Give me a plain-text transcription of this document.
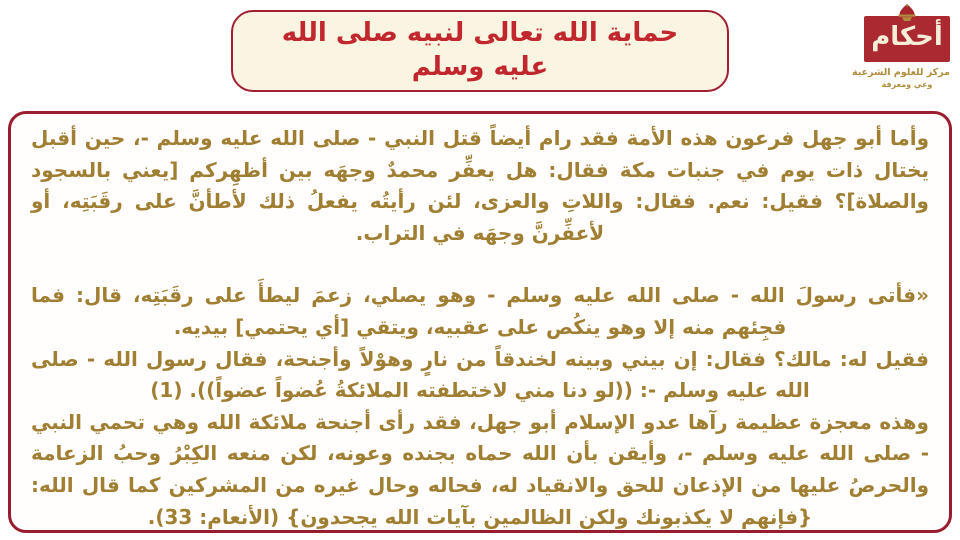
حماية الله تعالى لنبيه صلى الله عليه وسلم
أحكام
مركز للعلوم الشرعية
وعي ومعرفة

وأما أبو جهل فرعون هذه الأمة فقد رام أيضاً قتل النبي - صلى الله عليه وسلم -، حين أقبل يختال ذات يوم في جنبات مكة فقال: هل يعفِّر محمدٌ وجهَه بين أظهِركم [يعني بالسجود والصلاة]؟ فقيل: نعم. فقال: واللاتِ والعزى، لئن رأيتُه يفعلُ ذلك لأطأنَّ على رقَبَتِه، أو لأعفِّرنَّ وجهَه في التراب.

«فأتى رسولَ الله - صلى الله عليه وسلم - وهو يصلي، زعمَ ليطأَ على رقَبَتِه، قال: فما فجِئهم منه إلا وهو ينكُص على عقبيه، ويتقي [أي يحتمي] بيديه.

فقيل له: مالك؟ فقال: إن بيني وبينه لخندقاً من نارٍ وهوْلاً وأجنحة، فقال رسول الله - صلى الله عليه وسلم -: ((لو دنا مني لاختطفته الملائكةُ عُضواً عضواً)). (1)

وهذه معجزة عظيمة رآها عدو الإسلام أبو جهل، فقد رأى أجنحة ملائكة الله وهي تحمي النبي - صلى الله عليه وسلم -، وأيقن بأن الله حماه بجنده وعونه، لكن منعه الكِبْرُ وحبُ الزعامة والحرصُ عليها من الإذعان للحق والانقياد له، فحاله وحال غيره من المشركين كما قال الله: {فإنهم لا يكذبونك ولكن الظالمين بآيات الله يجحدون} (الأنعام: 33).
